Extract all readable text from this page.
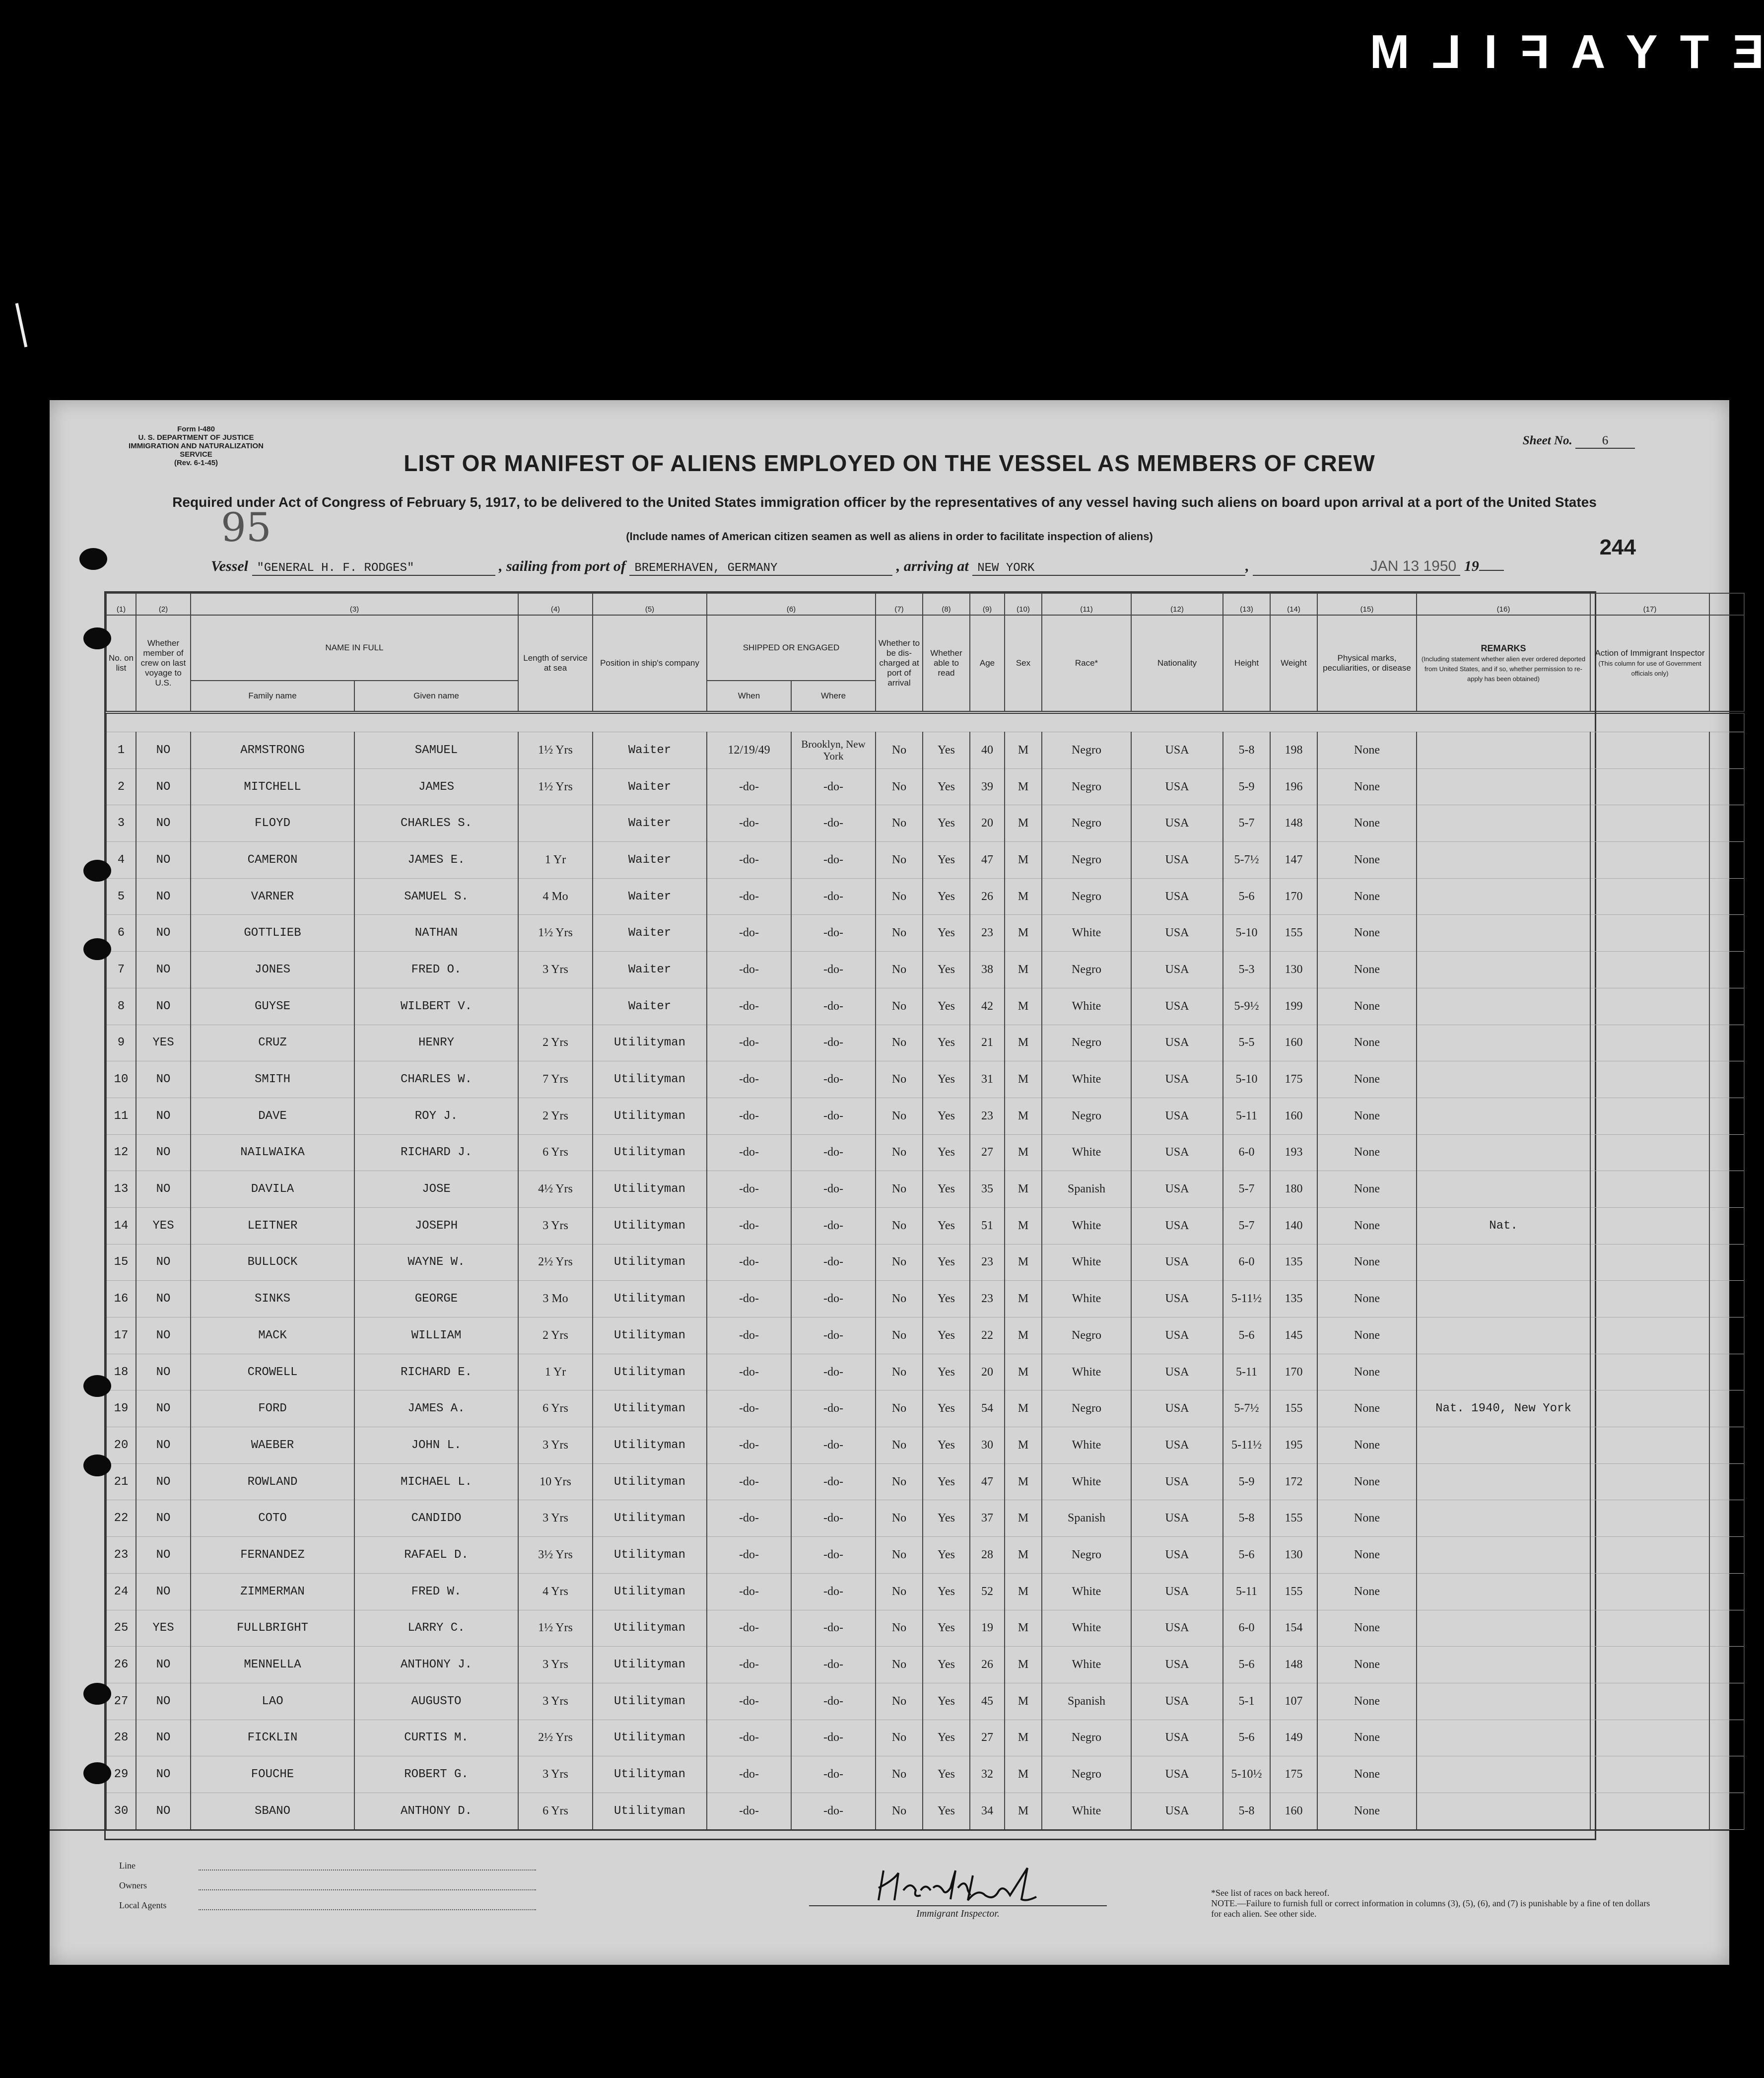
E T Y A F I L M
Form I-480
U. S. DEPARTMENT OF JUSTICE
IMMIGRATION AND NATURALIZATION SERVICE
(Rev. 6-1-45)
Sheet No. 6
LIST OR MANIFEST OF ALIENS EMPLOYED ON THE VESSEL AS MEMBERS OF CREW
Required under Act of Congress of February 5, 1917, to be delivered to the United States immigration officer by the representatives of any vessel having such aliens on board upon arrival at a port of the United States
(Include names of American citizen seamen as well as aliens in order to facilitate inspection of aliens)
95	244
Vessel "GENERAL H. F. RODGES"	, sailing from port of BREMERHAVEN, GERMANY	, arriving at NEW YORK	,	JAN 13 1950 19
(1)	(2)	(3)		(4)	(5)	(6)		(7)	(8)	(9)	(10)	(11)	(12)	(13)	(14)	(15)	(16)	(17)	
No. on list	Whether member of crew on last voyage to U.S.	NAME IN FULL		Length of service at sea	Position in ship's company	SHIPPED OR ENGAGED		Whether to be dis-charged at port of arrival	Whether able to read	Age	Sex	Race*	Nationality	Height	Weight	Physical marks, peculiarities, or disease	REMARKS
(Including statement whether alien ever ordered deported from United States, and if so, whether permission to re-apply has been obtained)	Action of Immigrant Inspector
(This column for use of Government officials only)	
		Family name	Given name			When	Where												

1	NO	ARMSTRONG	SAMUEL	1½ Yrs	Waiter	12/19/49	Brooklyn, New York	No	Yes	40	M	Negro	USA	5-8	198	None			
2	NO	MITCHELL	JAMES	1½ Yrs	Waiter	-do-	-do-	No	Yes	39	M	Negro	USA	5-9	196	None			
3	NO	FLOYD	CHARLES S.		Waiter	-do-	-do-	No	Yes	20	M	Negro	USA	5-7	148	None			
4	NO	CAMERON	JAMES E.	1 Yr	Waiter	-do-	-do-	No	Yes	47	M	Negro	USA	5-7½	147	None			
5	NO	VARNER	SAMUEL S.	4 Mo	Waiter	-do-	-do-	No	Yes	26	M	Negro	USA	5-6	170	None			
6	NO	GOTTLIEB	NATHAN	1½ Yrs	Waiter	-do-	-do-	No	Yes	23	M	White	USA	5-10	155	None			
7	NO	JONES	FRED O.	3 Yrs	Waiter	-do-	-do-	No	Yes	38	M	Negro	USA	5-3	130	None			
8	NO	GUYSE	WILBERT V.		Waiter	-do-	-do-	No	Yes	42	M	White	USA	5-9½	199	None			
9	YES	CRUZ	HENRY	2 Yrs	Utilityman	-do-	-do-	No	Yes	21	M	Negro	USA	5-5	160	None			
10	NO	SMITH	CHARLES W.	7 Yrs	Utilityman	-do-	-do-	No	Yes	31	M	White	USA	5-10	175	None			
11	NO	DAVE	ROY J.	2 Yrs	Utilityman	-do-	-do-	No	Yes	23	M	Negro	USA	5-11	160	None			
12	NO	NAILWAIKA	RICHARD J.	6 Yrs	Utilityman	-do-	-do-	No	Yes	27	M	White	USA	6-0	193	None			
13	NO	DAVILA	JOSE	4½ Yrs	Utilityman	-do-	-do-	No	Yes	35	M	Spanish	USA	5-7	180	None			
14	YES	LEITNER	JOSEPH	3 Yrs	Utilityman	-do-	-do-	No	Yes	51	M	White	USA	5-7	140	None	Nat.		
15	NO	BULLOCK	WAYNE W.	2½ Yrs	Utilityman	-do-	-do-	No	Yes	23	M	White	USA	6-0	135	None			
16	NO	SINKS	GEORGE	3 Mo	Utilityman	-do-	-do-	No	Yes	23	M	White	USA	5-11½	135	None			
17	NO	MACK	WILLIAM	2 Yrs	Utilityman	-do-	-do-	No	Yes	22	M	Negro	USA	5-6	145	None			
18	NO	CROWELL	RICHARD E.	1 Yr	Utilityman	-do-	-do-	No	Yes	20	M	White	USA	5-11	170	None			
19	NO	FORD	JAMES A.	6 Yrs	Utilityman	-do-	-do-	No	Yes	54	M	Negro	USA	5-7½	155	None	Nat. 1940, New York		
20	NO	WAEBER	JOHN L.	3 Yrs	Utilityman	-do-	-do-	No	Yes	30	M	White	USA	5-11½	195	None			
21	NO	ROWLAND	MICHAEL L.	10 Yrs	Utilityman	-do-	-do-	No	Yes	47	M	White	USA	5-9	172	None			
22	NO	COTO	CANDIDO	3 Yrs	Utilityman	-do-	-do-	No	Yes	37	M	Spanish	USA	5-8	155	None			
23	NO	FERNANDEZ	RAFAEL D.	3½ Yrs	Utilityman	-do-	-do-	No	Yes	28	M	Negro	USA	5-6	130	None			
24	NO	ZIMMERMAN	FRED W.	4 Yrs	Utilityman	-do-	-do-	No	Yes	52	M	White	USA	5-11	155	None			
25	YES	FULLBRIGHT	LARRY C.	1½ Yrs	Utilityman	-do-	-do-	No	Yes	19	M	White	USA	6-0	154	None			
26	NO	MENNELLA	ANTHONY J.	3 Yrs	Utilityman	-do-	-do-	No	Yes	26	M	White	USA	5-6	148	None			
27	NO	LAO	AUGUSTO	3 Yrs	Utilityman	-do-	-do-	No	Yes	45	M	Spanish	USA	5-1	107	None			
28	NO	FICKLIN	CURTIS M.	2½ Yrs	Utilityman	-do-	-do-	No	Yes	27	M	Negro	USA	5-6	149	None			
29	NO	FOUCHE	ROBERT G.	3 Yrs	Utilityman	-do-	-do-	No	Yes	32	M	Negro	USA	5-10½	175	None			
30	NO	SBANO	ANTHONY D.	6 Yrs	Utilityman	-do-	-do-	No	Yes	34	M	White	USA	5-8	160	None			
Line
Owners
Local Agents
Immigrant Inspector.
*See list of races on back hereof.
NOTE.—Failure to furnish full or correct information in columns (3), (5), (6), and (7) is punishable by a fine of ten dollars for each alien. See other side.
